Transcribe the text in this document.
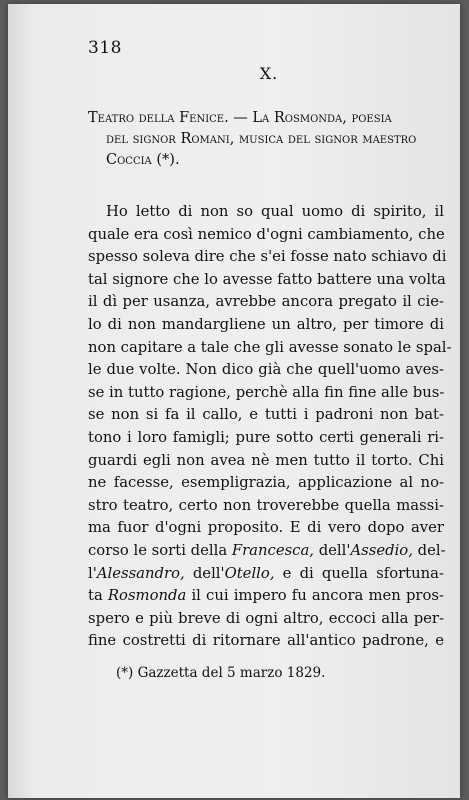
318
X.
Teatro della Fenice. — La Rosmonda, poesia
del signor Romani, musica del signor maestro
Coccia (*).
Ho letto di non so qual uomo di spirito, il
quale era così nemico d'ogni cambiamento, che
spesso soleva dire che s'ei fosse nato schiavo di
tal signore che lo avesse fatto battere una volta
il dì per usanza, avrebbe ancora pregato il cie-
lo di non mandargliene un altro, per timore di
non capitare a tale che gli avesse sonato le spal-
le due volte. Non dico già che quell'uomo aves-
se in tutto ragione, perchè alla fin fine alle bus-
se non si fa il callo, e tutti i padroni non bat-
tono i loro famigli; pure sotto certi generali ri-
guardi egli non avea nè men tutto il torto. Chi
ne facesse, esempligrazia, applicazione al no-
stro teatro, certo non troverebbe quella massi-
ma fuor d'ogni proposito. E di vero dopo aver
corso le sorti della Francesca, dell'Assedio, del-
l'Alessandro, dell'Otello, e di quella sfortuna-
ta Rosmonda il cui impero fu ancora men pros-
spero e più breve di ogni altro, eccoci alla per-
fine costretti di ritornare all'antico padrone, e
(*) Gazzetta del 5 marzo 1829.
